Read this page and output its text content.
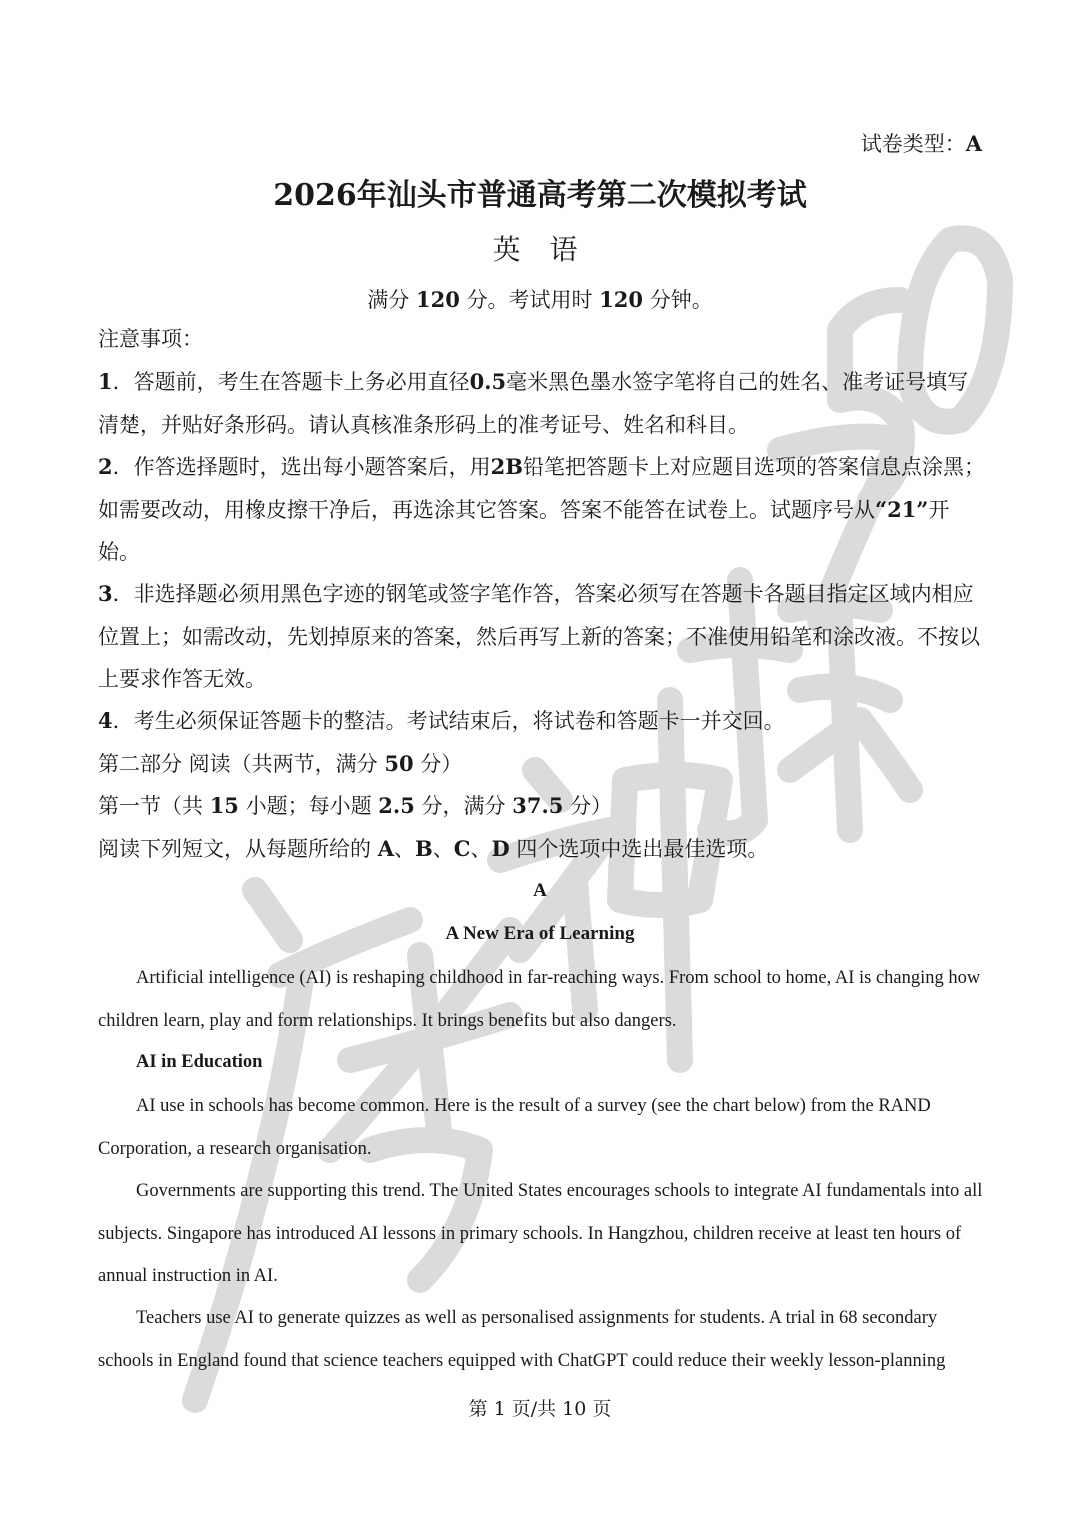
试卷类型：A
2026年汕头市普通高考第二次模拟考试
英 语
满分 120 分。考试用时 120 分钟。
注意事项：
1．答题前，考生在答题卡上务必用直径0.5毫米黑色墨水签字笔将自己的姓名、准考证号填写清楚，并贴好条形码。请认真核准条形码上的准考证号、姓名和科目。
2．作答选择题时，选出每小题答案后，用2B铅笔把答题卡上对应题目选项的答案信息点涂黑；如需要改动，用橡皮擦干净后，再选涂其它答案。答案不能答在试卷上。试题序号从“21”开始。
3．非选择题必须用黑色字迹的钢笔或签字笔作答，答案必须写在答题卡各题目指定区域内相应位置上；如需改动，先划掉原来的答案，然后再写上新的答案；不准使用铅笔和涂改液。不按以上要求作答无效。
4．考生必须保证答题卡的整洁。考试结束后，将试卷和答题卡一并交回。
第二部分 阅读（共两节，满分 50 分）
第一节（共 15 小题；每小题 2.5 分，满分 37.5 分）
阅读下列短文，从每题所给的 A、B、C、D 四个选项中选出最佳选项。
A
A New Era of Learning

Artificial intelligence (AI) is reshaping childhood in far-reaching ways. From school to home, AI is changing how children learn, play and form relationships. It brings benefits but also dangers.

AI in Education

AI use in schools has become common. Here is the result of a survey (see the chart below) from the RAND Corporation, a research organisation.

Governments are supporting this trend. The United States encourages schools to integrate AI fundamentals into all subjects. Singapore has introduced AI lessons in primary schools. In Hangzhou, children receive at least ten hours of annual instruction in AI.

Teachers use AI to generate quizzes as well as personalised assignments for students. A trial in 68 secondary schools in England found that science teachers equipped with ChatGPT could reduce their weekly lesson-planning

第 1 页/共 10 页
